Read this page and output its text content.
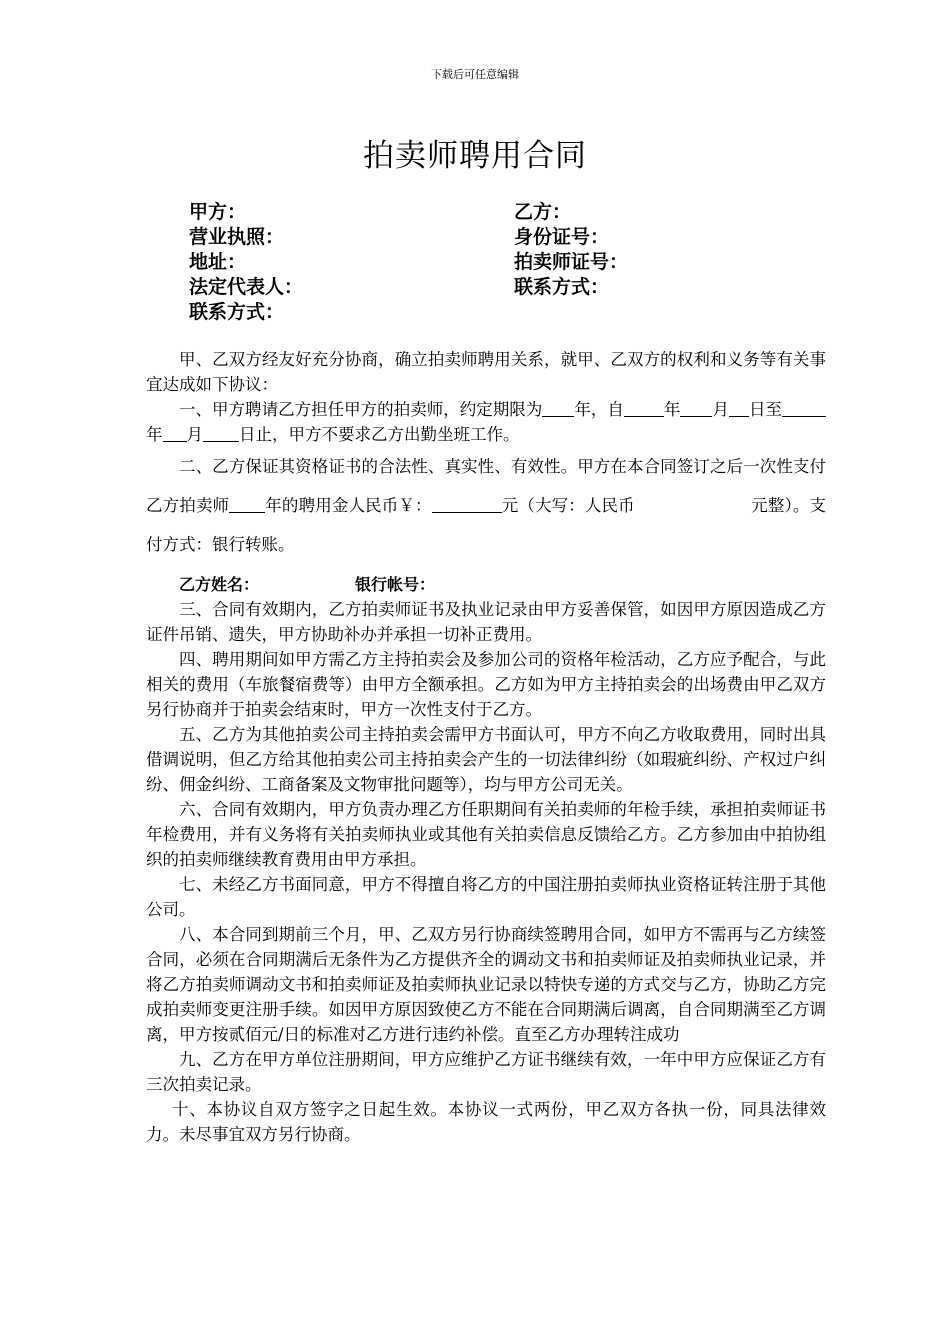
下载后可任意编辑
拍卖师聘用合同
甲方：	乙方：
营业执照：	身份证号：
地址：	拍卖师证号：
法定代表人：	联系方式：
联系方式：

甲、乙双方经友好充分协商，确立拍卖师聘用关系，就甲、乙双方的权利和义务等有关事宜达成如下协议：

一、甲方聘请乙方担任甲方的拍卖师，约定期限为 年，自 年 月 日至年 月 日止，甲方不要求乙方出勤坐班工作。

二、乙方保证其资格证书的合法性、真实性、有效性。甲方在本合同签订之后一次性支付乙方拍卖师 年的聘用金人民币￥：	元（大写：人民币　　　　　　　元整）。支付方式：银行转账。

乙方姓名：	银行帐号：

三、合同有效期内，乙方拍卖师证书及执业记录由甲方妥善保管，如因甲方原因造成乙方证件吊销、遗失，甲方协助补办并承担一切补正费用。

四、聘用期间如甲方需乙方主持拍卖会及参加公司的资格年检活动，乙方应予配合，与此相关的费用（车旅餐宿费等）由甲方全额承担。乙方如为甲方主持拍卖会的出场费由甲乙双方另行协商并于拍卖会结束时，甲方一次性支付于乙方。

五、乙方为其他拍卖公司主持拍卖会需甲方书面认可，甲方不向乙方收取费用，同时出具借调说明，但乙方给其他拍卖公司主持拍卖会产生的一切法律纠纷（如瑕疵纠纷、产权过户纠纷、佣金纠纷、工商备案及文物审批问题等），均与甲方公司无关。

六、合同有效期内，甲方负责办理乙方任职期间有关拍卖师的年检手续，承担拍卖师证书年检费用，并有义务将有关拍卖师执业或其他有关拍卖信息反馈给乙方。乙方参加由中拍协组织的拍卖师继续教育费用由甲方承担。

七、未经乙方书面同意，甲方不得擅自将乙方的中国注册拍卖师执业资格证转注册于其他公司。

八、本合同到期前三个月，甲、乙双方另行协商续签聘用合同，如甲方不需再与乙方续签合同，必须在合同期满后无条件为乙方提供齐全的调动文书和拍卖师证及拍卖师执业记录，并将乙方拍卖师调动文书和拍卖师证及拍卖师执业记录以特快专递的方式交与乙方，协助乙方完成拍卖师变更注册手续。如因甲方原因致使乙方不能在合同期满后调离，自合同期满至乙方调离，甲方按贰佰元/日的标准对乙方进行违约补偿。直至乙方办理转注成功

九、乙方在甲方单位注册期间，甲方应维护乙方证书继续有效，一年中甲方应保证乙方有三次拍卖记录。

十、本协议自双方签字之日起生效。本协议一式两份，甲乙双方各执一份，同具法律效力。未尽事宜双方另行协商。
